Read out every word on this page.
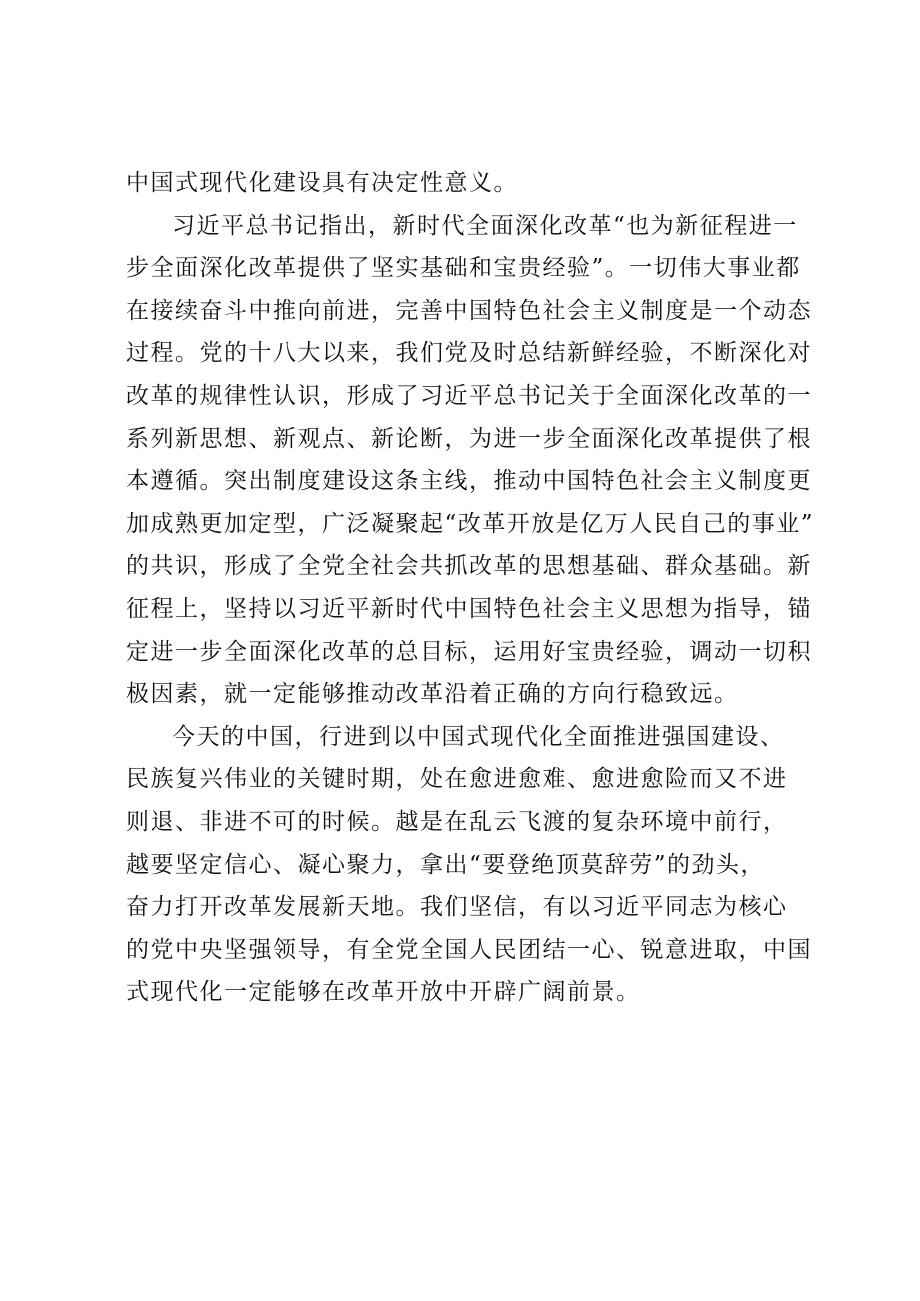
中国式现代化建设具有决定性意义。
习近平总书记指出，新时代全面深化改革“也为新征程进一
步全面深化改革提供了坚实基础和宝贵经验”。一切伟大事业都
在接续奋斗中推向前进，完善中国特色社会主义制度是一个动态
过程。党的十八大以来，我们党及时总结新鲜经验，不断深化对
改革的规律性认识，形成了习近平总书记关于全面深化改革的一
系列新思想、新观点、新论断，为进一步全面深化改革提供了根
本遵循。突出制度建设这条主线，推动中国特色社会主义制度更
加成熟更加定型，广泛凝聚起“改革开放是亿万人民自己的事业”
的共识，形成了全党全社会共抓改革的思想基础、群众基础。新
征程上，坚持以习近平新时代中国特色社会主义思想为指导，锚
定进一步全面深化改革的总目标，运用好宝贵经验，调动一切积
极因素，就一定能够推动改革沿着正确的方向行稳致远。
今天的中国，行进到以中国式现代化全面推进强国建设、
民族复兴伟业的关键时期，处在愈进愈难、愈进愈险而又不进
则退、非进不可的时候。越是在乱云飞渡的复杂环境中前行，
越要坚定信心、凝心聚力，拿出“要登绝顶莫辞劳”的劲头，
奋力打开改革发展新天地。我们坚信，有以习近平同志为核心
的党中央坚强领导，有全党全国人民团结一心、锐意进取，中国
式现代化一定能够在改革开放中开辟广阔前景。
